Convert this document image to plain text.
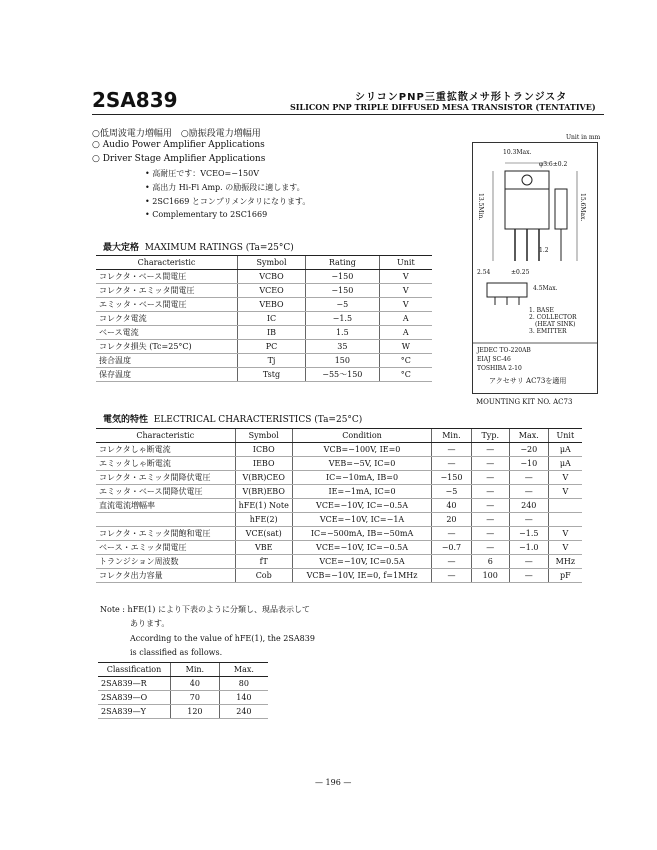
2SA839	シリコンPNP三重拡散メサ形トランジスタ
SILICON PNP TRIPLE DIFFUSED MESA TRANSISTOR (TENTATIVE)
○低周波電力増幅用　○励振段電力増幅用
○ Audio Power Amplifier Applications
○ Driver Stage Amplifier Applications
• 高耐圧です：VCEO=−150V
• 高出力 Hi-Fi Amp. の励振段に適します。
• 2SC1669 とコンプリメンタリになります。
• Complementary to 2SC1669
最大定格 MAXIMUM RATINGS (Ta=25°C)
Characteristic	Symbol	Rating	Unit
コレクタ・ベース間電圧	VCBO	−150	V
コレクタ・エミッタ間電圧	VCEO	−150	V
エミッタ・ベース間電圧	VEBO	−5	V
コレクタ電流	IC	−1.5	A
ベース電流	IB	1.5	A
コレクタ損失 (Tc=25°C)	PC	35	W
接合温度	Tj	150	°C
保存温度	Tstg	−55〜150	°C
Unit in mm
10.3Max.
φ3.6±0.2
15.6Max.
13.5Min.
2.54	±0.25
4.5Max.
1.2
1. BASE
2. COLLECTOR
(HEAT SINK)
3. EMITTER
JEDEC TO-220AB
EIAJ SC-46
TOSHIBA 2-10
アクセサリ AC73を適用
MOUNTING KIT NO. AC73
電気的特性 ELECTRICAL CHARACTERISTICS (Ta=25°C)
Characteristic	Symbol	Condition	Min.	Typ.	Max.	Unit
コレクタしゃ断電流	ICBO	VCB=−100V, IE=0	—	—	−20	μA
エミッタしゃ断電流	IEBO	VEB=−5V, IC=0	—	—	−10	μA
コレクタ・エミッタ間降伏電圧	V(BR)CEO	IC=−10mA, IB=0	−150	—	—	V
エミッタ・ベース間降伏電圧	V(BR)EBO	IE=−1mA, IC=0	−5	—	—	V
直流電流増幅率	hFE(1) Note	VCE=−10V, IC=−0.5A	40	—	240	
	hFE(2)	VCE=−10V, IC=−1A	20	—	—	
コレクタ・エミッタ間飽和電圧	VCE(sat)	IC=−500mA, IB=−50mA	—	—	−1.5	V
ベース・エミッタ間電圧	VBE	VCE=−10V, IC=−0.5A	−0.7	—	−1.0	V
トランジション周波数	fT	VCE=−10V, IC=0.5A	—	6	—	MHz
コレクタ出力容量	Cob	VCB=−10V, IE=0, f=1MHz	—	100	—	pF
Note : hFE(1) により下表のように分類し、現品表示して
あります。
According to the value of hFE(1), the 2SA839
is classified as follows.
Classification	Min.	Max.
2SA839—R	40	80
2SA839—O	70	140
2SA839—Y	120	240
— 196 —
